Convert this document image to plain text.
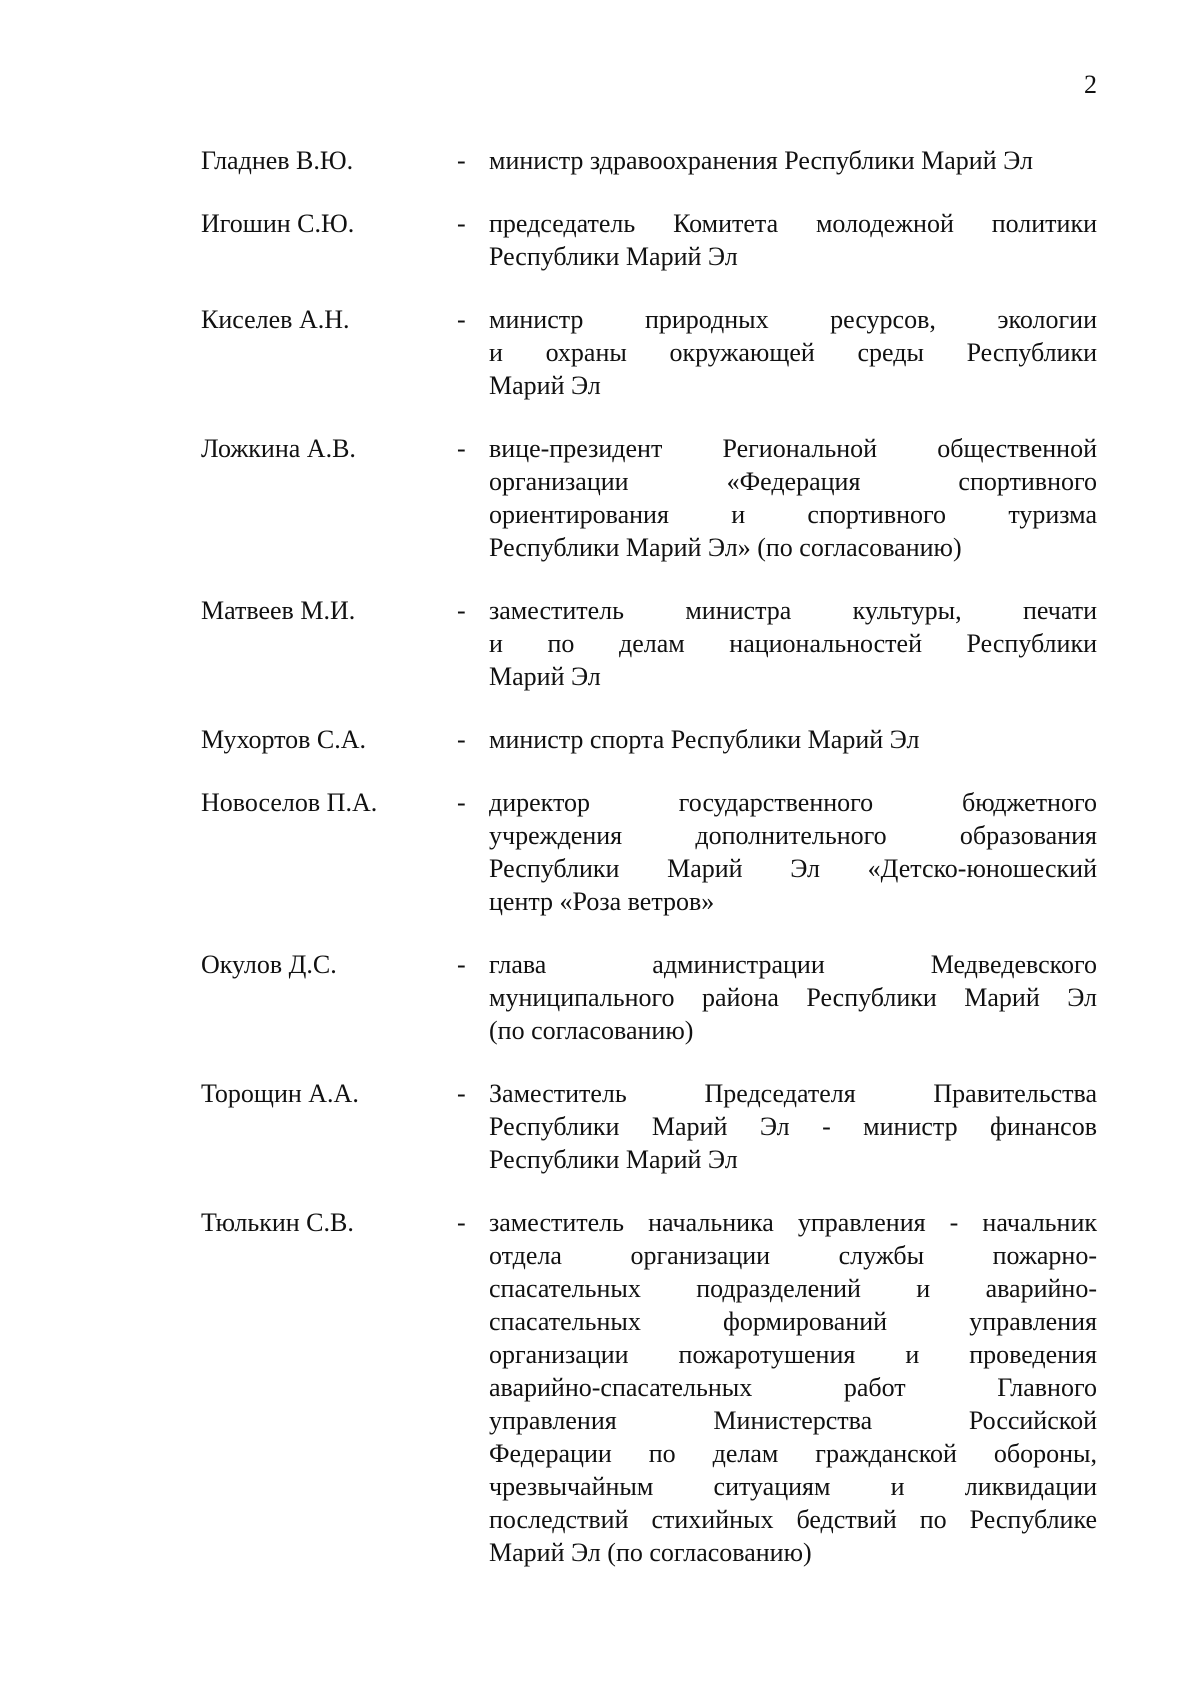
2
Гладнев В.Ю.	- министр здравоохранения Республики Марий Эл
Игошин С.Ю.	- председатель Комитета молодежной политики
Республики Марий Эл
Киселев А.Н.	- министр природных ресурсов, экологии
и охраны окружающей среды Республики
Марий Эл
Ложкина А.В.	- вице-президент Региональной общественной
организации «Федерация спортивного
ориентирования и спортивного туризма
Республики Марий Эл» (по согласованию)
Матвеев М.И.	- заместитель министра культуры, печати
и по делам национальностей Республики
Марий Эл
Мухортов С.А.	- министр спорта Республики Марий Эл
Новоселов П.А.	- директор государственного бюджетного
учреждения дополнительного образования
Республики Марий Эл «Детско-юношеский
центр «Роза ветров»
Окулов Д.С.	- глава администрации Медведевского
муниципального района Республики Марий Эл
(по согласованию)
Торощин А.А.	- Заместитель Председателя Правительства
Республики Марий Эл - министр финансов
Республики Марий Эл
Тюлькин С.В.	- заместитель начальника управления - начальник
отдела организации службы пожарно-
спасательных подразделений и аварийно-
спасательных формирований управления
организации пожаротушения и проведения
аварийно-спасательных работ Главного
управления Министерства Российской
Федерации по делам гражданской обороны,
чрезвычайным ситуациям и ликвидации
последствий стихийных бедствий по Республике
Марий Эл (по согласованию)
